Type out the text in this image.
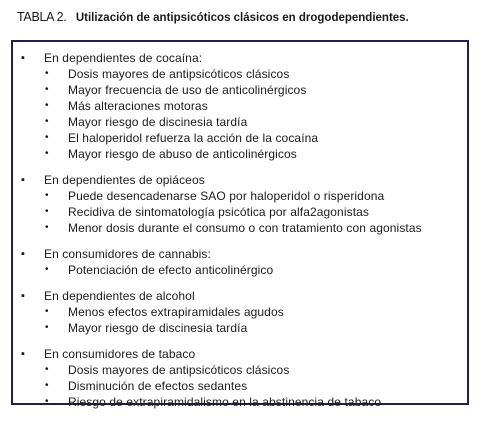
TABLA 2. Utilización de antipsicóticos clásicos en drogodependientes.
▪ En dependientes de cocaína:
• Dosis mayores de antipsicóticos clásicos
• Mayor frecuencia de uso de anticolinérgicos
• Más alteraciones motoras
• Mayor riesgo de discinesia tardía
• El haloperidol refuerza la acción de la cocaína
• Mayor riesgo de abuso de anticolinérgicos
▪ En dependientes de opiáceos
• Puede desencadenarse SAO por haloperidol o risperidona
• Recidiva de sintomatología psicótica por alfa2agonistas
• Menor dosis durante el consumo o con tratamiento con agonistas
▪ En consumidores de cannabis:
• Potenciación de efecto anticolinérgico
▪ En dependientes de alcohol
• Menos efectos extrapiramidales agudos
• Mayor riesgo de discinesia tardía
▪ En consumidores de tabaco
• Dosis mayores de antipsicóticos clásicos
• Disminución de efectos sedantes
• Riesgo de extrapiramidalismo en la abstinencia de tabaco
